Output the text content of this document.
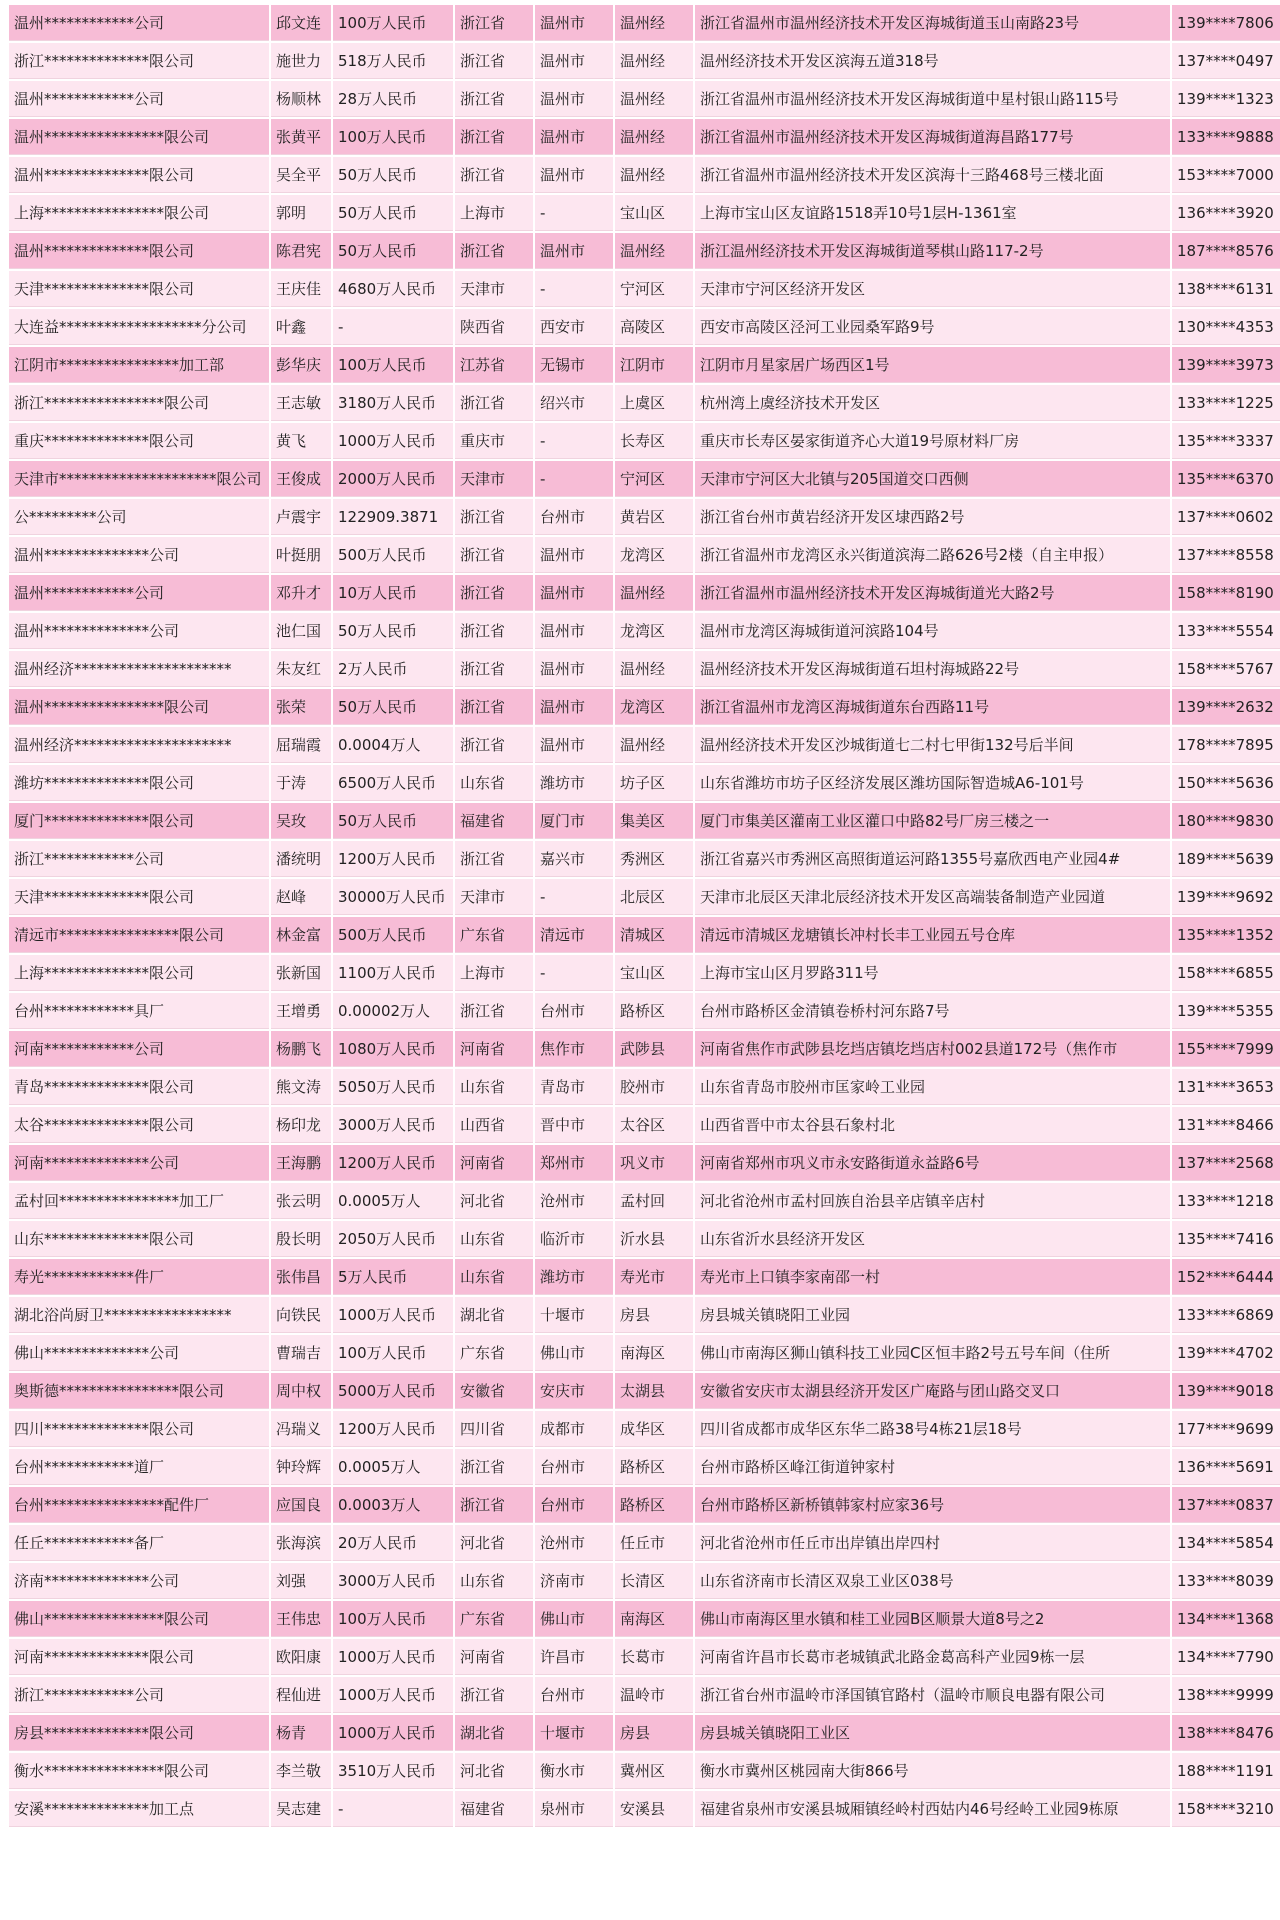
温州************公司	邱文连	100万人民币	浙江省	温州市	温州经	浙江省温州市温州经济技术开发区海城街道玉山南路23号	139****7806
浙江**************限公司	施世力	518万人民币	浙江省	温州市	温州经	温州经济技术开发区滨海五道318号	137****0497
温州************公司	杨顺林	28万人民币	浙江省	温州市	温州经	浙江省温州市温州经济技术开发区海城街道中星村银山路115号	139****1323
温州****************限公司	张黄平	100万人民币	浙江省	温州市	温州经	浙江省温州市温州经济技术开发区海城街道海昌路177号	133****9888
温州**************限公司	吴全平	50万人民币	浙江省	温州市	温州经	浙江省温州市温州经济技术开发区滨海十三路468号三楼北面	153****7000
上海****************限公司	郭明	50万人民币	上海市	-	宝山区	上海市宝山区友谊路1518弄10号1层H-1361室	136****3920
温州**************限公司	陈君宪	50万人民币	浙江省	温州市	温州经	浙江温州经济技术开发区海城街道琴棋山路117-2号	187****8576
天津**************限公司	王庆佳	4680万人民币	天津市	-	宁河区	天津市宁河区经济开发区	138****6131
大连益*******************分公司	叶鑫	-	陕西省	西安市	高陵区	西安市高陵区泾河工业园桑军路9号	130****4353
江阴市****************加工部	彭华庆	100万人民币	江苏省	无锡市	江阴市	江阴市月星家居广场西区1号	139****3973
浙江****************限公司	王志敏	3180万人民币	浙江省	绍兴市	上虞区	杭州湾上虞经济技术开发区	133****1225
重庆**************限公司	黄飞	1000万人民币	重庆市	-	长寿区	重庆市长寿区晏家街道齐心大道19号原材料厂房	135****3337
天津市*********************限公司	王俊成	2000万人民币	天津市	-	宁河区	天津市宁河区大北镇与205国道交口西侧	135****6370
公*********公司	卢震宇	122909.3871	浙江省	台州市	黄岩区	浙江省台州市黄岩经济开发区埭西路2号	137****0602
温州**************公司	叶挺朋	500万人民币	浙江省	温州市	龙湾区	浙江省温州市龙湾区永兴街道滨海二路626号2楼（自主申报）	137****8558
温州************公司	邓升才	10万人民币	浙江省	温州市	温州经	浙江省温州市温州经济技术开发区海城街道光大路2号	158****8190
温州**************公司	池仁国	50万人民币	浙江省	温州市	龙湾区	温州市龙湾区海城街道河滨路104号	133****5554
温州经济*********************	朱友红	2万人民币	浙江省	温州市	温州经	温州经济技术开发区海城街道石坦村海城路22号	158****5767
温州****************限公司	张荣	50万人民币	浙江省	温州市	龙湾区	浙江省温州市龙湾区海城街道东台西路11号	139****2632
温州经济*********************	屈瑞霞	0.0004万人	浙江省	温州市	温州经	温州经济技术开发区沙城街道七二村七甲街132号后半间	178****7895
潍坊**************限公司	于涛	6500万人民币	山东省	潍坊市	坊子区	山东省潍坊市坊子区经济发展区潍坊国际智造城A6-101号	150****5636
厦门**************限公司	吴玫	50万人民币	福建省	厦门市	集美区	厦门市集美区灌南工业区灌口中路82号厂房三楼之一	180****9830
浙江************公司	潘统明	1200万人民币	浙江省	嘉兴市	秀洲区	浙江省嘉兴市秀洲区高照街道运河路1355号嘉欣西电产业园4#	189****5639
天津**************限公司	赵峰	30000万人民币	天津市	-	北辰区	天津市北辰区天津北辰经济技术开发区高端装备制造产业园道	139****9692
清远市****************限公司	林金富	500万人民币	广东省	清远市	清城区	清远市清城区龙塘镇长冲村长丰工业园五号仓库	135****1352
上海**************限公司	张新国	1100万人民币	上海市	-	宝山区	上海市宝山区月罗路311号	158****6855
台州************具厂	王增勇	0.00002万人	浙江省	台州市	路桥区	台州市路桥区金清镇卷桥村河东路7号	139****5355
河南************公司	杨鹏飞	1080万人民币	河南省	焦作市	武陟县	河南省焦作市武陟县圪垱店镇圪垱店村002县道172号（焦作市	155****7999
青岛**************限公司	熊文涛	5050万人民币	山东省	青岛市	胶州市	山东省青岛市胶州市匡家岭工业园	131****3653
太谷**************限公司	杨印龙	3000万人民币	山西省	晋中市	太谷区	山西省晋中市太谷县石象村北	131****8466
河南**************公司	王海鹏	1200万人民币	河南省	郑州市	巩义市	河南省郑州市巩义市永安路街道永益路6号	137****2568
孟村回****************加工厂	张云明	0.0005万人	河北省	沧州市	孟村回	河北省沧州市孟村回族自治县辛店镇辛店村	133****1218
山东**************限公司	殷长明	2050万人民币	山东省	临沂市	沂水县	山东省沂水县经济开发区	135****7416
寿光************件厂	张伟昌	5万人民币	山东省	潍坊市	寿光市	寿光市上口镇李家南邵一村	152****6444
湖北浴尚厨卫*****************	向铁民	1000万人民币	湖北省	十堰市	房县	房县城关镇晓阳工业园	133****6869
佛山**************公司	曹瑞吉	100万人民币	广东省	佛山市	南海区	佛山市南海区狮山镇科技工业园C区恒丰路2号五号车间（住所	139****4702
奥斯德****************限公司	周中权	5000万人民币	安徽省	安庆市	太湖县	安徽省安庆市太湖县经济开发区广庵路与团山路交叉口	139****9018
四川**************限公司	冯瑞义	1200万人民币	四川省	成都市	成华区	四川省成都市成华区东华二路38号4栋21层18号	177****9699
台州************道厂	钟玲辉	0.0005万人	浙江省	台州市	路桥区	台州市路桥区峰江街道钟家村	136****5691
台州****************配件厂	应国良	0.0003万人	浙江省	台州市	路桥区	台州市路桥区新桥镇韩家村应家36号	137****0837
任丘************备厂	张海滨	20万人民币	河北省	沧州市	任丘市	河北省沧州市任丘市出岸镇出岸四村	134****5854
济南**************公司	刘强	3000万人民币	山东省	济南市	长清区	山东省济南市长清区双泉工业区038号	133****8039
佛山****************限公司	王伟忠	100万人民币	广东省	佛山市	南海区	佛山市南海区里水镇和桂工业园B区顺景大道8号之2	134****1368
河南**************限公司	欧阳康	1000万人民币	河南省	许昌市	长葛市	河南省许昌市长葛市老城镇武北路金葛高科产业园9栋一层	134****7790
浙江************公司	程仙进	1000万人民币	浙江省	台州市	温岭市	浙江省台州市温岭市泽国镇官路村（温岭市顺良电器有限公司	138****9999
房县**************限公司	杨青	1000万人民币	湖北省	十堰市	房县	房县城关镇晓阳工业区	138****8476
衡水****************限公司	李兰敬	3510万人民币	河北省	衡水市	冀州区	衡水市冀州区桃园南大街866号	188****1191
安溪**************加工点	吴志建	-	福建省	泉州市	安溪县	福建省泉州市安溪县城厢镇经岭村西姑内46号经岭工业园9栋原	158****3210
